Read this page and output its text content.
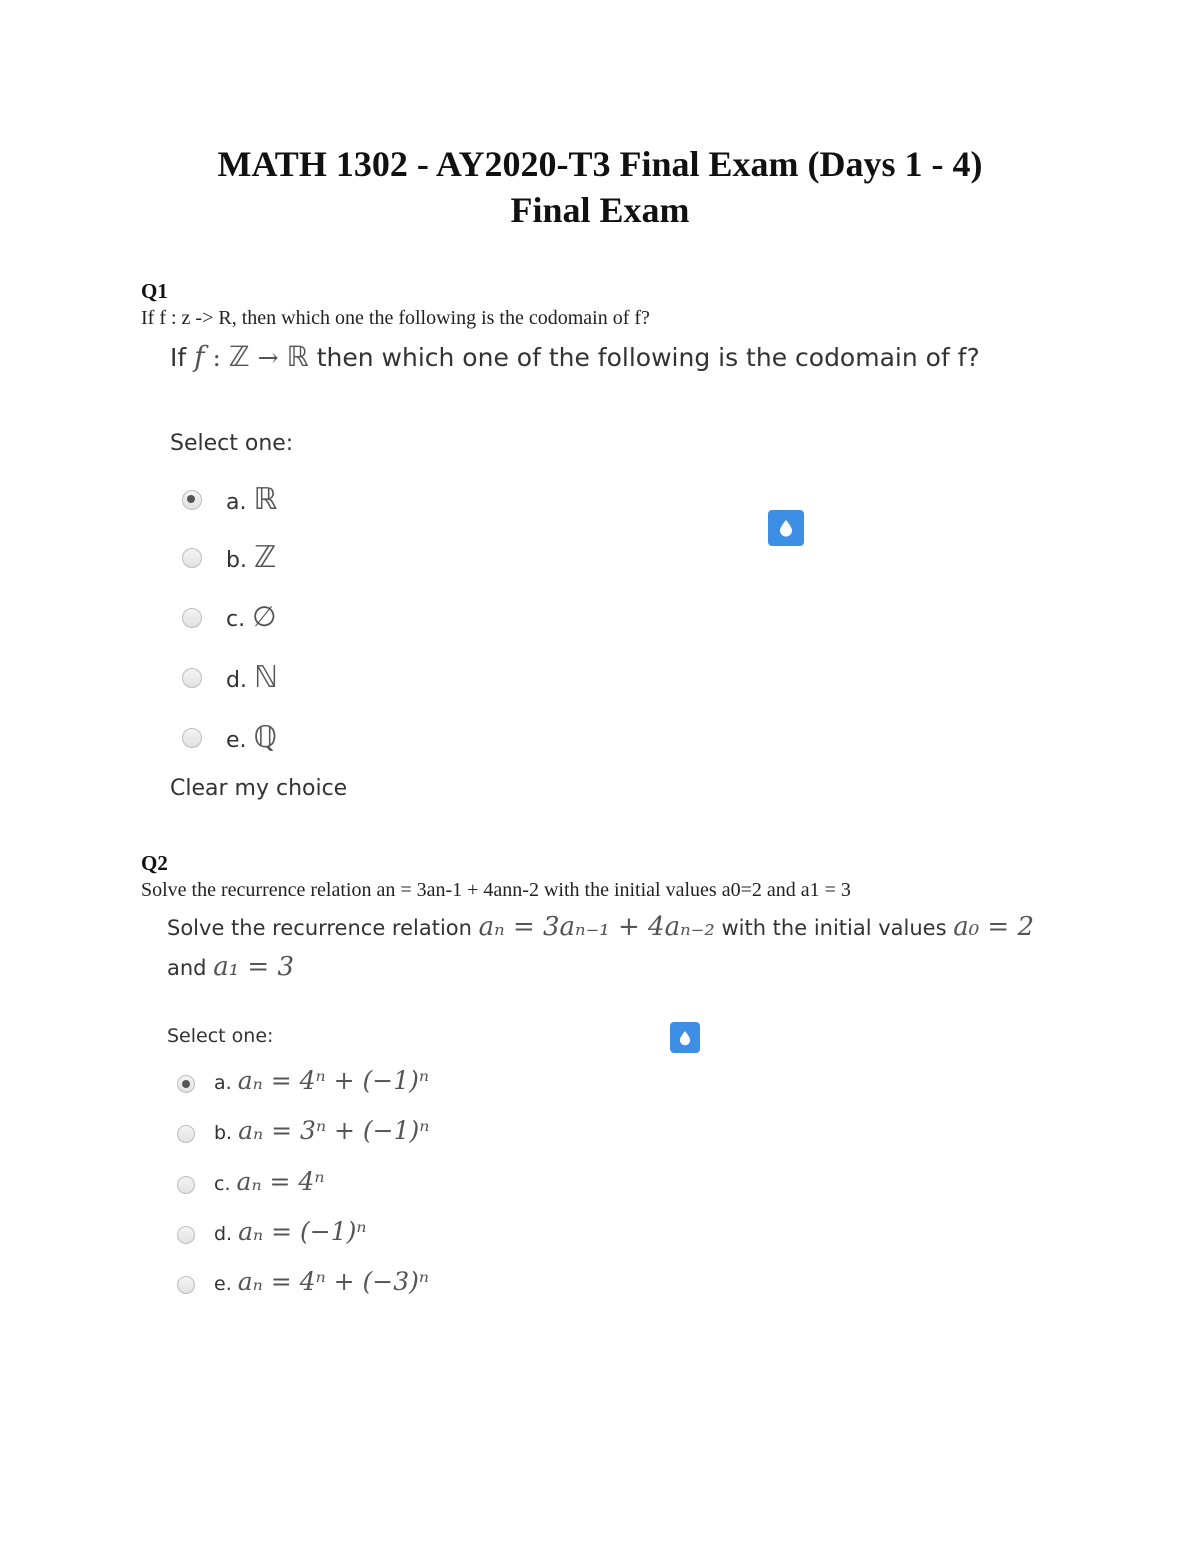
MATH 1302 - AY2020-T3 Final Exam (Days 1 - 4)
Final Exam
Q1
If f : z -> R, then which one the following is the codomain of f?
If f : ℤ → ℝ then which one of the following is the codomain of f?
Select one:
a. ℝ
b. ℤ
c. ∅
d. ℕ
e. ℚ
Clear my choice
Q2
Solve the recurrence relation an = 3an-1 + 4ann-2 with the initial values a0=2 and a1 = 3
Solve the recurrence relation aₙ = 3aₙ₋₁ + 4aₙ₋₂ with the initial values a₀ = 2
and a₁ = 3
Select one:
a. aₙ = 4ⁿ + (−1)ⁿ
b. aₙ = 3ⁿ + (−1)ⁿ
c. aₙ = 4ⁿ
d. aₙ = (−1)ⁿ
e. aₙ = 4ⁿ + (−3)ⁿ
